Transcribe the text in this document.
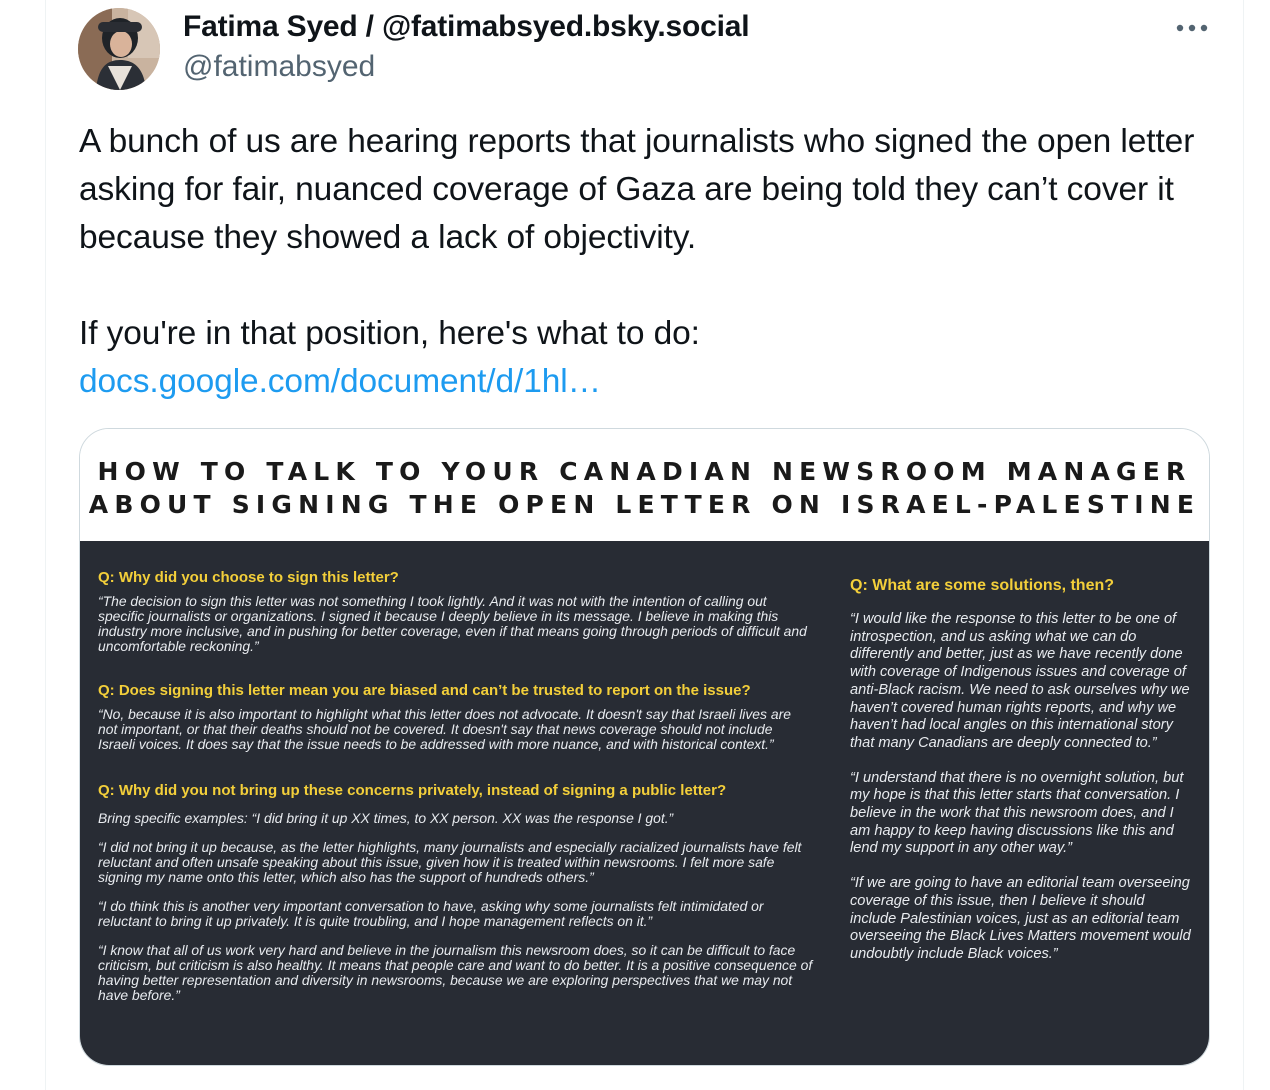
Fatima Syed / @fatimabsyed.bsky.social
@fatimabsyed

A bunch of us are hearing reports that journalists who signed the open letter asking for fair, nuanced coverage of Gaza are being told they can’t cover it because they showed a lack of objectivity.

If you're in that position, here's what to do: docs.google.com/document/d/1hl…

HOW TO TALK TO YOUR CANADIAN NEWSROOM MANAGER
ABOUT SIGNING THE OPEN LETTER ON ISRAEL-PALESTINE

Q: Why did you choose to sign this letter?

“The decision to sign this letter was not something I took lightly. And it was not with the intention of calling out specific journalists or organizations. I signed it because I deeply believe in its message. I believe in making this industry more inclusive, and in pushing for better coverage, even if that means going through periods of difficult and uncomfortable reckoning.”

Q: Does signing this letter mean you are biased and can’t be trusted to report on the issue?

“No, because it is also important to highlight what this letter does not advocate. It doesn't say that Israeli lives are not important, or that their deaths should not be covered. It doesn't say that news coverage should not include Israeli voices. It does say that the issue needs to be addressed with more nuance, and with historical context.”

Q: Why did you not bring up these concerns privately, instead of signing a public letter?

Bring specific examples: “I did bring it up XX times, to XX person. XX was the response I got.”

“I did not bring it up because, as the letter highlights, many journalists and especially racialized journalists have felt reluctant and often unsafe speaking about this issue, given how it is treated within newsrooms. I felt more safe signing my name onto this letter, which also has the support of hundreds others.”

“I do think this is another very important conversation to have, asking why some journalists felt intimidated or reluctant to bring it up privately. It is quite troubling, and I hope management reflects on it.”

“I know that all of us work very hard and believe in the journalism this newsroom does, so it can be difficult to face criticism, but criticism is also healthy. It means that people care and want to do better. It is a positive consequence of having better representation and diversity in newsrooms, because we are exploring perspectives that we may not have before.”

Q: What are some solutions, then?

“I would like the response to this letter to be one of introspection, and us asking what we can do differently and better, just as we have recently done with coverage of Indigenous issues and coverage of anti-Black racism. We need to ask ourselves why we haven’t covered human rights reports, and why we haven’t had local angles on this international story that many Canadians are deeply connected to.”

“I understand that there is no overnight solution, but my hope is that this letter starts that conversation. I believe in the work that this newsroom does, and I am happy to keep having discussions like this and lend my support in any other way.”

“If we are going to have an editorial team overseeing coverage of this issue, then I believe it should include Palestinian voices, just as an editorial team overseeing the Black Lives Matters movement would undoubtly include Black voices.”
